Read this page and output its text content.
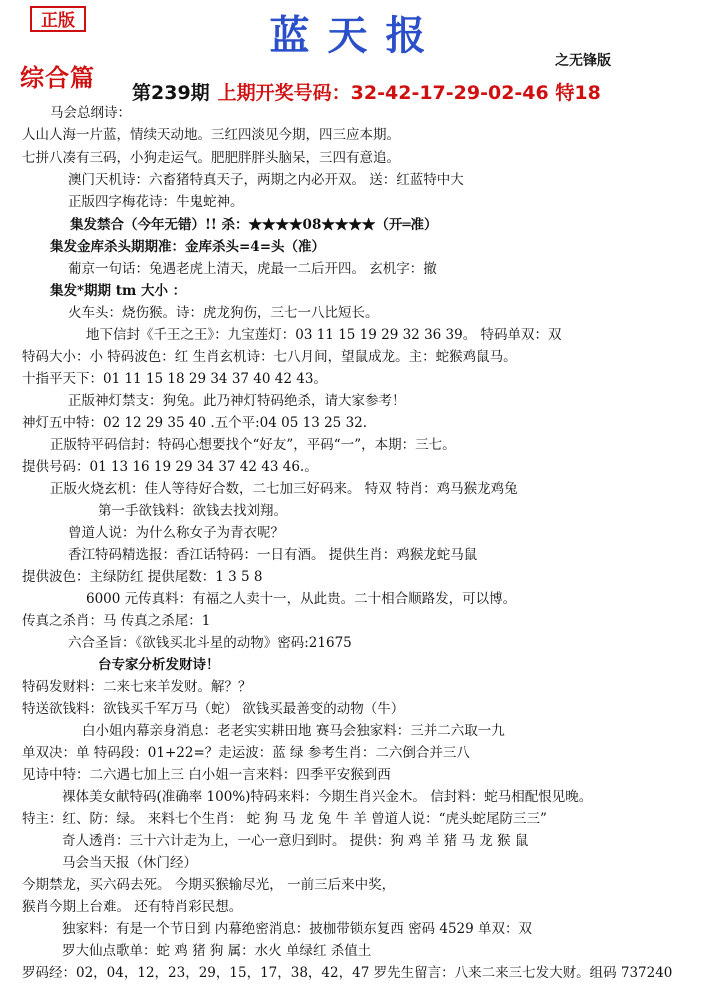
正版	蓝天报
之无锋版
综合篇
第239期 上期开奖号码：32-42-17-29-02-46 特18
马会总纲诗：
人山人海一片蓝，情续天动地。三红四淡见今期，四三应本期。
七拼八凑有三码，小狗走运气。肥肥胖胖头脑呆，三四有意追。
澳门天机诗：六畜猪特真天子，两期之内必开双。 送：红蓝特中大
正版四字梅花诗：牛鬼蛇神。
集发禁合（今年无错）!! 杀：★★★★08★★★★（开═准）
集发金库杀头期期准：金库杀头=4=头（准）
葡京一句话：兔遇老虎上清天，虎最一二后开四。 玄机字：撤
集发*期期 tm 大小 ：
火车头：烧伤猴。诗：虎龙狗伤，三七一八比短长。
地下信封《千王之王》：九宝莲灯：03 11 15 19 29 32 36 39。 特码单双：双
特码大小：小 特码波色：红 生肖玄机诗：七八月间，望鼠成龙。主：蛇猴鸡鼠马。
十指平天下：01 11 15 18 29 34 37 40 42 43。
正版神灯禁支：狗兔。此乃神灯特码绝杀，请大家参考！
神灯五中特：02 12 29 35 40 .五个平:04 05 13 25 32.
正版特平码信封：特码心想要找个“好友”，平码“一”，本期：三七。
提供号码：01 13 16 19 29 34 37 42 43 46.。
正版火烧玄机：佳人等待好合数，二七加三好码来。 特双 特肖：鸡马猴龙鸡兔
第一手欲钱料：欲钱去找刘翔。
曾道人说：为什么称女子为青衣呢？
香江特码精选报：香江话特码：一日有酒。 提供生肖：鸡猴龙蛇马鼠
提供波色：主绿防红 提供尾数：1 3 5 8
6000 元传真料：有福之人卖十一，从此贵。二十相合顺路发，可以博。
传真之杀肖：马 传真之杀尾：1
六合圣旨：《欲钱买北斗星的动物》密码:21675
台专家分析发财诗！
特码发财料：二来七来羊发财。解？？
特送欲钱料：欲钱买千军万马（蛇） 欲钱买最善变的动物（牛）
白小姐内幕亲身消息：老老实实耕田地 赛马会独家料：三并二六取一九
单双决：单 特码段：01+22=？走运波：蓝 绿 参考生肖：二六倒合并三八
见诗中特：二六遇七加上三 白小姐一言来料：四季平安猴到西
裸体美女献特码(准确率 100%)特码来料：今期生肖兴金木。 信封料：蛇马相配恨见晚。
特主：红、防：绿。 来料七个生肖： 蛇 狗 马 龙 兔 牛 羊 曾道人说：“虎头蛇尾防三三”
奇人透肖：三十六计走为上，一心一意归到时。 提供：狗 鸡 羊 猪 马 龙 猴 鼠
马会当天报（休门经）
今期禁龙，买六码去死。 今期买猴输尽光， 一前三后来中奖，
猴肖今期上台难。 还有特肖彩民想。
独家料：有是一个节日到 内幕绝密消息：披枷带锁东复西 密码 4529 单双：双
罗大仙点歌单：蛇 鸡 猪 狗 属：水火 单绿红 杀值土
罗码经：02，04，12，23，29，15，17，38，42，47 罗先生留言：八来二来三七发大财。组码 737240
